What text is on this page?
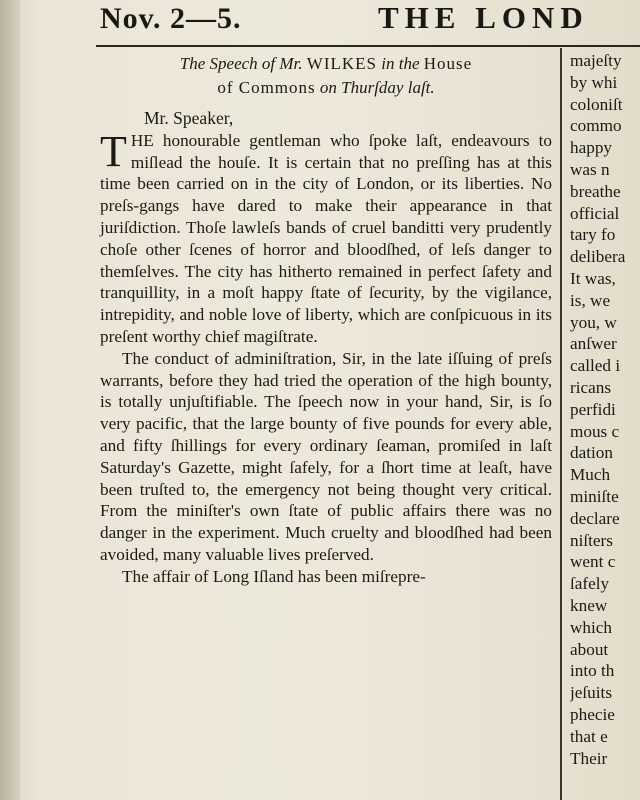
Nov. 2—5.	THE LOND
The Speech of Mr. WILKES in the House
of Commons on Thurſday laſt.
Mr. Speaker,

THE honourable gentleman who ſpoke laſt, endeavours to miſlead the houſe. It is certain that no preſſing has at this time been carried on in the city of London, or its liberties. No preſs-gangs have dared to make their appearance in that juriſdiction. Thoſe lawleſs bands of cruel banditti very prudently choſe other ſcenes of horror and bloodſhed, of leſs danger to themſelves. The city has hitherto remained in perfect ſafety and tranquillity, in a moſt happy ſtate of ſecurity, by the vigilance, intrepidity, and noble love of liberty, which are conſpicuous in its preſent worthy chief magiſtrate.

The conduct of adminiſtration, Sir, in the late iſſuing of preſs warrants, before they had tried the operation of the high bounty, is totally unjuſtifiable. The ſpeech now in your hand, Sir, is ſo very pacific, that the large bounty of five pounds for every able, and fifty ſhillings for every ordinary ſeaman, promiſed in laſt Saturday's Gazette, might ſafely, for a ſhort time at leaſt, have been truſted to, the emergency not being thought very critical. From the miniſter's own ſtate of public affairs there was no danger in the experiment. Much cruelty and bloodſhed had been avoided, many valuable lives preſerved.

The affair of Long Iſland has been miſrepre-

majeſty
by whi
coloniſt
commo
happy
was n
breathe
official
tary fo
delibera
It was,
is, we
you, w
anſwer
called i
ricans
perfidi
mous c
dation
Much
miniſte
declare
niſters
went c
ſafely
knew
which
about
into th
jeſuits
phecie
that e
Their
